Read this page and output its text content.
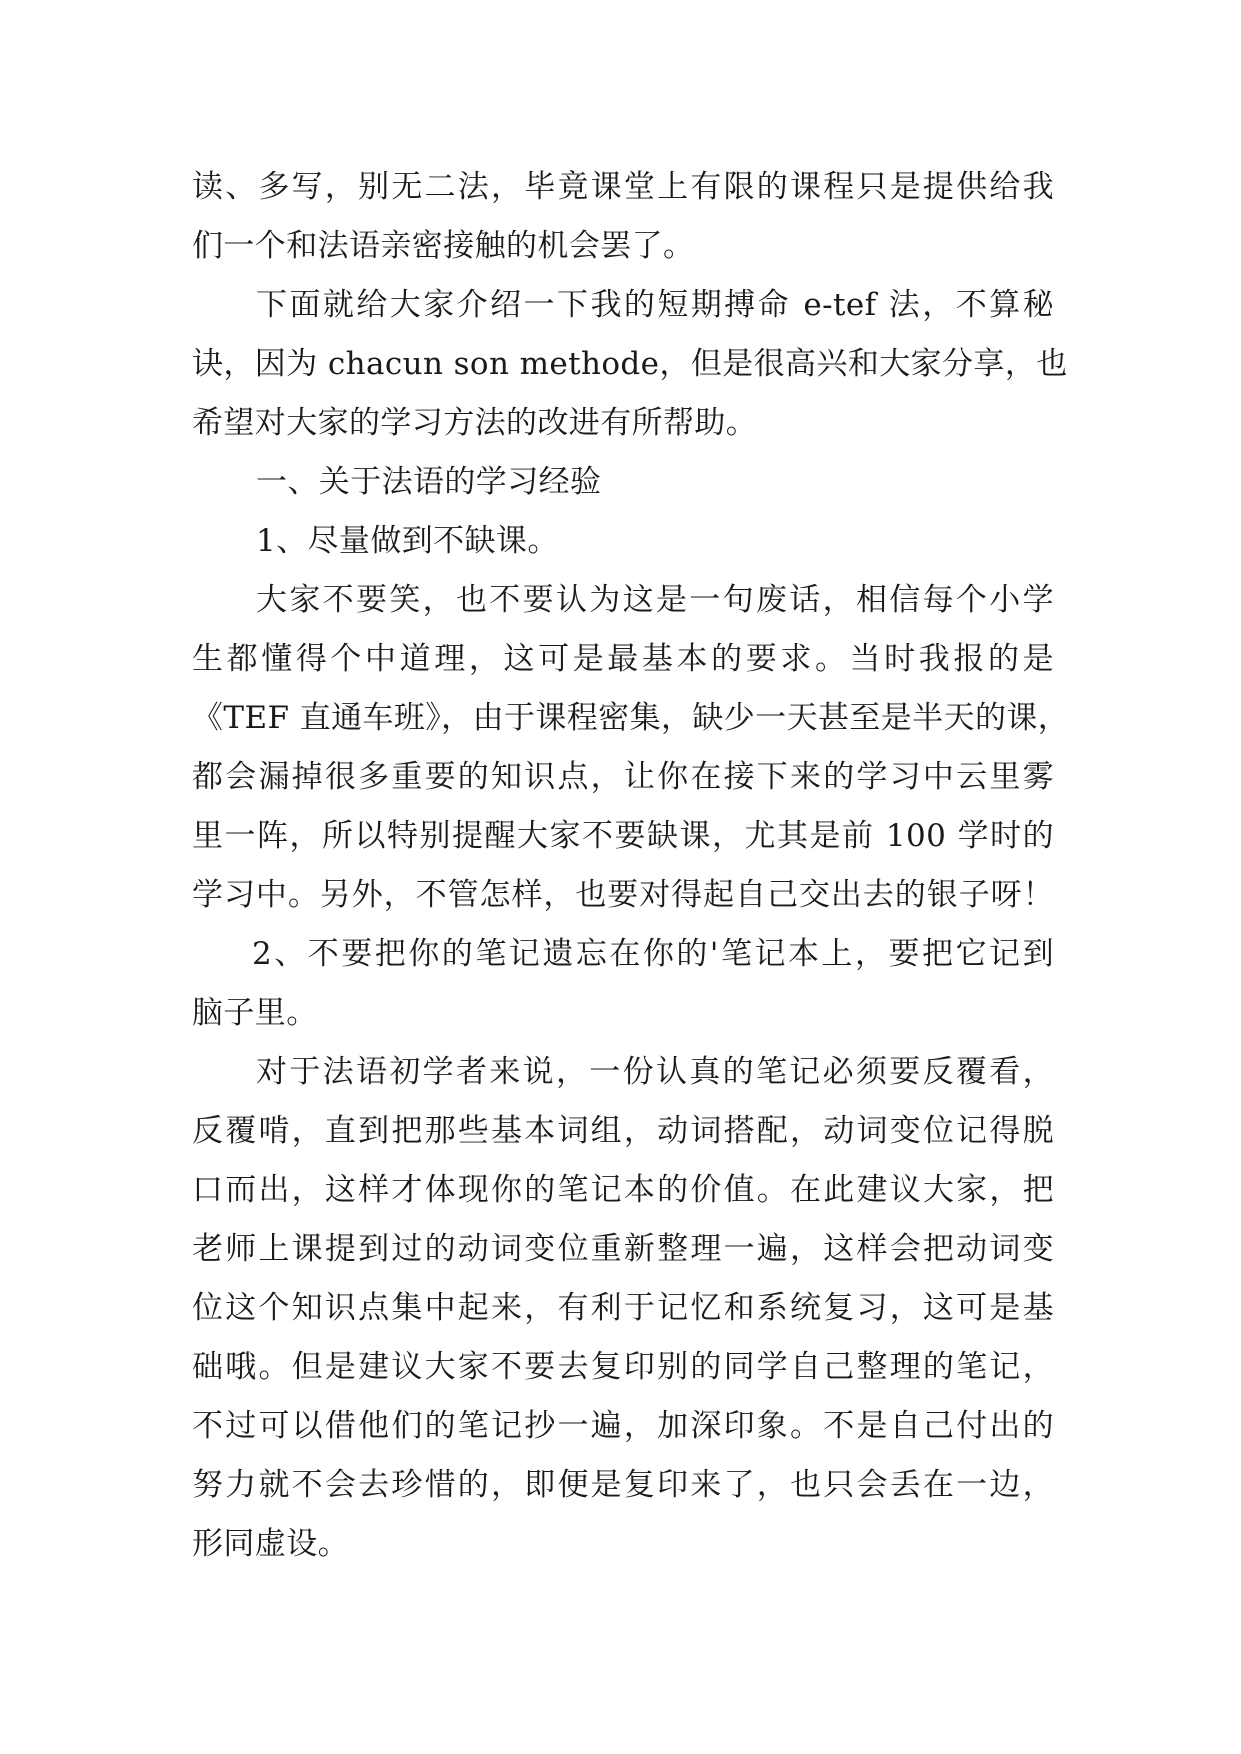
读、多写，别无二法，毕竟课堂上有限的课程只是提供给我
们一个和法语亲密接触的机会罢了。
下面就给大家介绍一下我的短期搏命 e-tef 法，不算秘
诀，因为 chacun son methode，但是很高兴和大家分享，也
希望对大家的学习方法的改进有所帮助。
一、关于法语的学习经验
1、尽量做到不缺课。
大家不要笑，也不要认为这是一句废话，相信每个小学
生都懂得个中道理，这可是最基本的要求。当时我报的是
《TEF 直通车班》，由于课程密集，缺少一天甚至是半天的课，
都会漏掉很多重要的知识点，让你在接下来的学习中云里雾
里一阵，所以特别提醒大家不要缺课，尤其是前 100 学时的
学习中。另外，不管怎样，也要对得起自己交出去的银子呀！
2、不要把你的笔记遗忘在你的'笔记本上，要把它记到
脑子里。
对于法语初学者来说，一份认真的笔记必须要反覆看，
反覆啃，直到把那些基本词组，动词搭配，动词变位记得脱
口而出，这样才体现你的笔记本的价值。在此建议大家，把
老师上课提到过的动词变位重新整理一遍，这样会把动词变
位这个知识点集中起来，有利于记忆和系统复习，这可是基
础哦。但是建议大家不要去复印别的同学自己整理的笔记，
不过可以借他们的笔记抄一遍，加深印象。不是自己付出的
努力就不会去珍惜的，即便是复印来了，也只会丢在一边，
形同虚设。
